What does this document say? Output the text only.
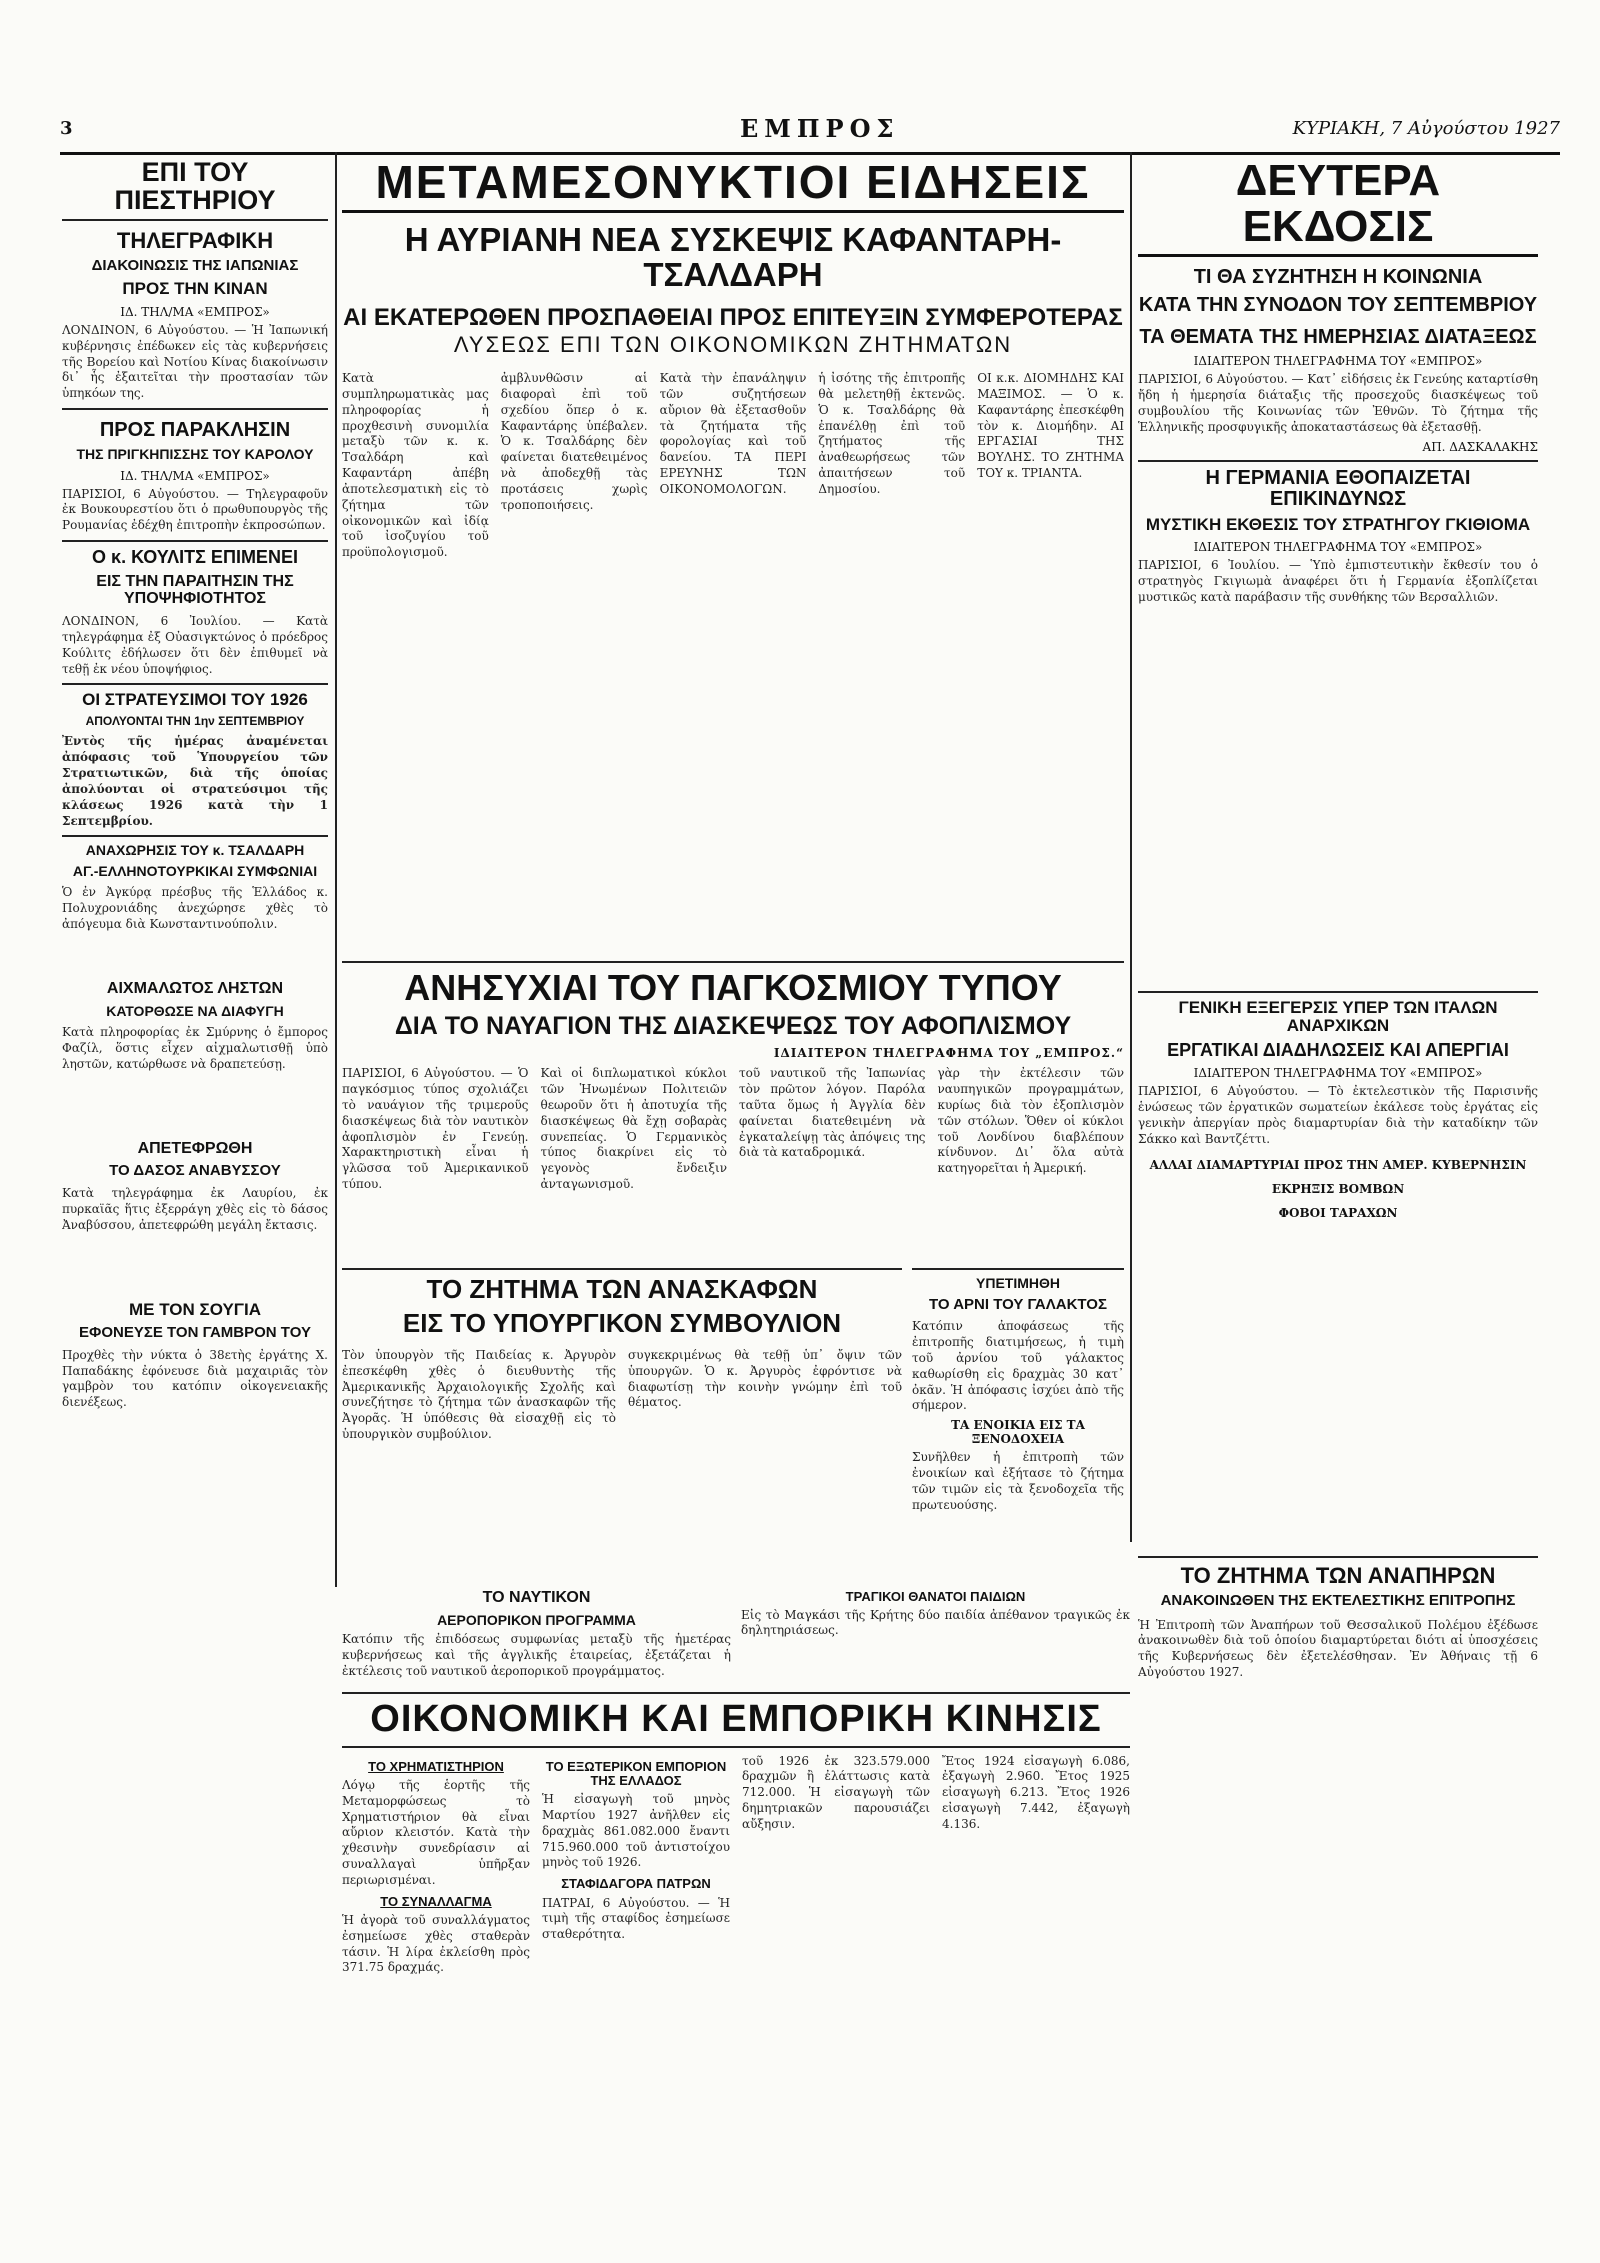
3	ΕΜΠΡΟΣ	ΚΥΡΙΑΚΗ, 7 Αὐγούστου 1927

ΕΠΙ ΤΟΥ ΠΙΕΣΤΗΡΙΟΥ

ΤΗΛΕΓΡΑΦΙΚΗ

ΔΙΑΚΟΙΝΩΣΙΣ ΤΗΣ ΙΑΠΩΝΙΑΣ

ΠΡΟΣ ΤΗΝ ΚΙΝΑΝ

ΙΔ. ΤΗΛ/ΜΑ «ΕΜΠΡΟΣ»

ΛΟΝΔΙΝΟΝ, 6 Αὐγούστου. — Ἡ Ἰαπωνική κυβέρνησις ἐπέδωκεν εἰς τὰς κυβερνήσεις τῆς Βορείου καὶ Νοτίου Κίνας διακοίνωσιν δι᾽ ἧς ἐξαιτεῖται τὴν προστασίαν τῶν ὑπηκόων της.

ΠΡΟΣ ΠΑΡΑΚΛΗΣΙΝ

ΤΗΣ ΠΡΙΓΚΗΠΙΣΣΗΣ ΤΟΥ ΚΑΡΟΛΟΥ

ΙΔ. ΤΗΛ/ΜΑ «ΕΜΠΡΟΣ»

ΠΑΡΙΣΙΟΙ, 6 Αὐγούστου. — Τηλεγραφοῦν ἐκ Βουκουρεστίου ὅτι ὁ πρωθυπουργὸς τῆς Ρουμανίας ἐδέχθη ἐπιτροπὴν ἐκπροσώπων.

Ο κ. ΚΟΥΛΙΤΣ ΕΠΙΜΕΝΕΙ

ΕΙΣ ΤΗΝ ΠΑΡΑΙΤΗΣΙΝ ΤΗΣ ΥΠΟΨΗΦΙΟΤΗΤΟΣ

ΛΟΝΔΙΝΟΝ, 6 Ἰουλίου. — Κατὰ τηλεγράφημα ἐξ Οὐασιγκτώνος ὁ πρόεδρος Κούλιτς ἐδήλωσεν ὅτι δὲν ἐπιθυμεῖ νὰ τεθῇ ἐκ νέου ὑποψήφιος.

ΟΙ ΣΤΡΑΤΕΥΣΙΜΟΙ ΤΟΥ 1926

ΑΠΟΛΥΟΝΤΑΙ ΤΗΝ 1ην ΣΕΠΤΕΜΒΡΙΟΥ

Ἐντὸς τῆς ἡμέρας ἀναμένεται ἀπόφασις τοῦ Ὑπουργείου τῶν Στρατιωτικῶν, διὰ τῆς ὁποίας ἀπολύονται οἱ στρατεύσιμοι τῆς κλάσεως 1926 κατὰ τὴν 1 Σεπτεμβρίου.

ΑΝΑΧΩΡΗΣΙΣ ΤΟΥ κ. ΤΣΑΛΔΑΡΗ

ΑΓ.-ΕΛΛΗΝΟΤΟΥΡΚΙΚΑΙ ΣΥΜΦΩΝΙΑΙ

Ὁ ἐν Ἀγκύρᾳ πρέσβυς τῆς Ἑλλάδος κ. Πολυχρονιάδης ἀνεχώρησε χθὲς τὸ ἀπόγευμα διὰ Κωνσταντινούπολιν.

ΑΙΧΜΑΛΩΤΟΣ ΛΗΣΤΩΝ

ΚΑΤΟΡΘΩΣΕ ΝΑ ΔΙΑΦΥΓΗ

Κατὰ πληροφορίας ἐκ Σμύρνης ὁ ἔμπορος Φαζίλ, ὅστις εἶχεν αἰχμαλωτισθῇ ὑπὸ ληστῶν, κατώρθωσε νὰ δραπετεύσῃ.

ΑΠΕΤΕΦΡΩΘΗ

ΤΟ ΔΑΣΟΣ ΑΝΑΒΥΣΣΟΥ

Κατὰ τηλεγράφημα ἐκ Λαυρίου, ἐκ πυρκαϊᾶς ἥτις ἐξερράγη χθὲς εἰς τὸ δάσος Ἀναβύσσου, ἀπετεφρώθη μεγάλη ἔκτασις.

ΜΕ ΤΟΝ ΣΟΥΓΙΑ

ΕΦΟΝΕΥΣΕ ΤΟΝ ΓΑΜΒΡΟΝ ΤΟΥ

Προχθὲς τὴν νύκτα ὁ 38ετὴς ἐργάτης Χ. Παπαδάκης ἐφόνευσε διὰ μαχαιριᾶς τὸν γαμβρὸν του κατόπιν οἰκογενειακῆς διενέξεως.

ΜΕΤΑΜΕΣΟΝΥΚΤΙΟΙ ΕΙΔΗΣΕΙΣ

Η ΑΥΡΙΑΝΗ ΝΕΑ ΣΥΣΚΕΨΙΣ ΚΑΦΑΝΤΑΡΗ-ΤΣΑΛΔΑΡΗ

ΑΙ ΕΚΑΤΕΡΩΘΕΝ ΠΡΟΣΠΑΘΕΙΑΙ ΠΡΟΣ ΕΠΙΤΕΥΞΙΝ ΣΥΜΦΕΡΟΤΕΡΑΣ

ΛΥΣΕΩΣ ΕΠΙ ΤΩΝ ΟΙΚΟΝΟΜΙΚΩΝ ΖΗΤΗΜΑΤΩΝ

Κατὰ συμπληρωματικὰς μας πληροφορίας ἡ προχθεσινὴ συνομιλία μεταξὺ τῶν κ. κ. Τσαλδάρη καὶ Καφαντάρη ἀπέβη ἀποτελεσματικὴ εἰς τὸ ζήτημα τῶν οἰκονομικῶν καὶ ἰδίᾳ τοῦ ἰσοζυγίου τοῦ προϋπολογισμοῦ.

ἀμβλυνθῶσιν αἱ διαφοραὶ ἐπὶ τοῦ σχεδίου ὅπερ ὁ κ. Καφαντάρης ὑπέβαλεν. Ὁ κ. Τσαλδάρης δὲν φαίνεται διατεθειμένος νὰ ἀποδεχθῇ τὰς προτάσεις χωρὶς τροποποιήσεις.

Κατὰ τὴν ἐπανάληψιν τῶν συζητήσεων αὔριον θὰ ἐξετασθοῦν τὰ ζητήματα τῆς φορολογίας καὶ τοῦ δανείου. ΤΑ ΠΕΡΙ ΕΡΕΥΝΗΣ ΤΩΝ ΟΙΚΟΝΟΜΟΛΟΓΩΝ.

ἡ ἰσότης τῆς ἐπιτροπῆς θὰ μελετηθῇ ἐκτενῶς. Ὁ κ. Τσαλδάρης θὰ ἐπανέλθῃ ἐπὶ τοῦ ζητήματος τῆς ἀναθεωρήσεως τῶν ἀπαιτήσεων τοῦ Δημοσίου.

ΟΙ κ.κ. ΔΙΟΜΗΔΗΣ ΚΑΙ ΜΑΞΙΜΟΣ. — Ὁ κ. Καφαντάρης ἐπεσκέφθη τὸν κ. Διομήδην. ΑΙ ΕΡΓΑΣΙΑΙ ΤΗΣ ΒΟΥΛΗΣ. ΤΟ ΖΗΤΗΜΑ ΤΟΥ κ. ΤΡΙΑΝΤΑ.

ΔΕΥΤΕΡΑ ΕΚΔΟΣΙΣ

ΤΙ ΘΑ ΣΥΖΗΤΗΣΗ Η ΚΟΙΝΩΝΙΑ

ΚΑΤΑ ΤΗΝ ΣΥΝΟΔΟΝ ΤΟΥ ΣΕΠΤΕΜΒΡΙΟΥ

ΤΑ ΘΕΜΑΤΑ ΤΗΣ ΗΜΕΡΗΣΙΑΣ ΔΙΑΤΑΞΕΩΣ

ΙΔΙΑΙΤΕΡΟΝ ΤΗΛΕΓΡΑΦΗΜΑ ΤΟΥ «ΕΜΠΡΟΣ»

ΠΑΡΙΣΙΟΙ, 6 Αὐγούστου. — Κατ᾽ εἰδήσεις ἐκ Γενεύης καταρτίσθη ἤδη ἡ ἡμερησία διάταξις τῆς προσεχοῦς διασκέψεως τοῦ συμβουλίου τῆς Κοινωνίας τῶν Ἐθνῶν. Τὸ ζήτημα τῆς Ἑλληνικῆς προσφυγικῆς ἀποκαταστάσεως θὰ ἐξετασθῇ.

ΑΠ. ΔΑΣΚΑΛΑΚΗΣ

Η ΓΕΡΜΑΝΙΑ ΕΘΟΠΑΙΖΕΤΑΙ ΕΠΙΚΙΝΔΥΝΩΣ

ΜΥΣΤΙΚΗ ΕΚΘΕΣΙΣ ΤΟΥ ΣΤΡΑΤΗΓΟΥ ΓΚΙΘΙΟΜΑ

ΙΔΙΑΙΤΕΡΟΝ ΤΗΛΕΓΡΑΦΗΜΑ ΤΟΥ «ΕΜΠΡΟΣ»

ΠΑΡΙΣΙΟΙ, 6 Ἰουλίου. — Ὑπὸ ἐμπιστευτικὴν ἔκθεσίν του ὁ στρατηγὸς Γκιγιωμὰ ἀναφέρει ὅτι ἡ Γερμανία ἐξοπλίζεται μυστικῶς κατὰ παράβασιν τῆς συνθήκης τῶν Βερσαλλιῶν.

ΓΕΝΙΚΗ ΕΞΕΓΕΡΣΙΣ ΥΠΕΡ ΤΩΝ ΙΤΑΛΩΝ ΑΝΑΡΧΙΚΩΝ

ΕΡΓΑΤΙΚΑΙ ΔΙΑΔΗΛΩΣΕΙΣ ΚΑΙ ΑΠΕΡΓΙΑΙ

ΙΔΙΑΙΤΕΡΟΝ ΤΗΛΕΓΡΑΦΗΜΑ ΤΟΥ «ΕΜΠΡΟΣ»

ΠΑΡΙΣΙΟΙ, 6 Αὐγούστου. — Τὸ ἐκτελεστικὸν τῆς Παρισινῆς ἑνώσεως τῶν ἐργατικῶν σωματείων ἐκάλεσε τοὺς ἐργάτας εἰς γενικὴν ἀπεργίαν πρὸς διαμαρτυρίαν διὰ τὴν καταδίκην τῶν Σάκκο καὶ Βαντζέττι.

ΑΛΛΑΙ ΔΙΑΜΑΡΤΥΡΙΑΙ ΠΡΟΣ ΤΗΝ ΑΜΕΡ. ΚΥΒΕΡΝΗΣΙΝ

ΕΚΡΗΞΙΣ ΒΟΜΒΩΝ

ΦΟΒΟΙ ΤΑΡΑΧΩΝ

ΑΝΗΣΥΧΙΑΙ ΤΟΥ ΠΑΓΚΟΣΜΙΟΥ ΤΥΠΟΥ

ΔΙΑ ΤΟ ΝΑΥΑΓΙΟΝ ΤΗΣ ΔΙΑΣΚΕΨΕΩΣ ΤΟΥ ΑΦΟΠΛΙΣΜΟΥ

ΙΔΙΑΙΤΕΡΟΝ ΤΗΛΕΓΡΑΦΗΜΑ ΤΟΥ „ΕΜΠΡΟΣ.“

ΠΑΡΙΣΙΟΙ, 6 Αὐγούστου. — Ὁ παγκόσμιος τύπος σχολιάζει τὸ ναυάγιον τῆς τριμεροῦς διασκέψεως διὰ τὸν ναυτικὸν ἀφοπλισμὸν ἐν Γενεύῃ. Χαρακτηριστικὴ εἶναι ἡ γλῶσσα τοῦ Ἀμερικανικοῦ τύπου.

Καὶ οἱ διπλωματικοὶ κύκλοι τῶν Ἡνωμένων Πολιτειῶν θεωροῦν ὅτι ἡ ἀποτυχία τῆς διασκέψεως θὰ ἔχῃ σοβαρὰς συνεπείας. Ὁ Γερμανικὸς τύπος διακρίνει εἰς τὸ γεγονὸς ἔνδειξιν ἀνταγωνισμοῦ.

τοῦ ναυτικοῦ τῆς Ἰαπωνίας τὸν πρῶτον λόγον. Παρόλα ταῦτα ὅμως ἡ Ἀγγλία δὲν φαίνεται διατεθειμένη νὰ ἐγκαταλείψῃ τὰς ἀπόψεις της διὰ τὰ καταδρομικά.

γὰρ τὴν ἐκτέλεσιν τῶν ναυπηγικῶν προγραμμάτων, κυρίως διὰ τὸν ἐξοπλισμὸν τῶν στόλων. Ὅθεν οἱ κύκλοι τοῦ Λονδίνου διαβλέπουν κίνδυνον. Δι᾽ ὅλα αὐτὰ κατηγορεῖται ἡ Ἀμερική.

ΤΟ ΖΗΤΗΜΑ ΤΩΝ ΑΝΑΣΚΑΦΩΝ

ΕΙΣ ΤΟ ΥΠΟΥΡΓΙΚΟΝ ΣΥΜΒΟΥΛΙΟΝ

Τὸν ὑπουργὸν τῆς Παιδείας κ. Ἀργυρὸν ἐπεσκέφθη χθὲς ὁ διευθυντὴς τῆς Ἀμερικανικῆς Ἀρχαιολογικῆς Σχολῆς καὶ συνεζήτησε τὸ ζήτημα τῶν ἀνασκαφῶν τῆς Ἀγορᾶς. Ἡ ὑπόθεσις θὰ εἰσαχθῇ εἰς τὸ ὑπουργικὸν συμβούλιον.

συγκεκριμένως θὰ τεθῇ ὑπ᾽ ὄψιν τῶν ὑπουργῶν. Ὁ κ. Ἀργυρὸς ἐφρόντισε νὰ διαφωτίσῃ τὴν κοινὴν γνώμην ἐπὶ τοῦ θέματος.

ΥΠΕΤΙΜΗΘΗ

ΤΟ ΑΡΝΙ ΤΟΥ ΓΑΛΑΚΤΟΣ

Κατόπιν ἀποφάσεως τῆς ἐπιτροπῆς διατιμήσεως, ἡ τιμὴ τοῦ ἀρνίου τοῦ γάλακτος καθωρίσθη εἰς δραχμὰς 30 κατ᾽ ὀκᾶν. Ἡ ἀπόφασις ἰσχύει ἀπὸ τῆς σήμερον.

ΤΑ ΕΝΟΙΚΙΑ ΕΙΣ ΤΑ ΞΕΝΟΔΟΧΕΙΑ

Συνῆλθεν ἡ ἐπιτροπὴ τῶν ἐνοικίων καὶ ἐξήτασε τὸ ζήτημα τῶν τιμῶν εἰς τὰ ξενοδοχεῖα τῆς πρωτευούσης.

ΤΟ ΖΗΤΗΜΑ ΤΩΝ ΑΝΑΠΗΡΩΝ

ΑΝΑΚΟΙΝΩΘΕΝ ΤΗΣ ΕΚΤΕΛΕΣΤΙΚΗΣ ΕΠΙΤΡΟΠΗΣ

Ἡ Ἐπιτροπὴ τῶν Ἀναπήρων τοῦ Θεσσαλικοῦ Πολέμου ἐξέδωσε ἀνακοινωθὲν διὰ τοῦ ὁποίου διαμαρτύρεται διότι αἱ ὑποσχέσεις τῆς Κυβερνήσεως δὲν ἐξετελέσθησαν. Ἐν Ἀθήναις τῇ 6 Αὐγούστου 1927.

ΤΟ ΝΑΥΤΙΚΟΝ

ΑΕΡΟΠΟΡΙΚΟΝ ΠΡΟΓΡΑΜΜΑ

Κατόπιν τῆς ἐπιδόσεως συμφωνίας μεταξὺ τῆς ἡμετέρας κυβερνήσεως καὶ τῆς ἀγγλικῆς ἑταιρείας, ἐξετάζεται ἡ ἐκτέλεσις τοῦ ναυτικοῦ ἀεροπορικοῦ προγράμματος.

ΤΡΑΓΙΚΟΙ ΘΑΝΑΤΟΙ ΠΑΙΔΙΩΝ

Εἰς τὸ Μαγκάσι τῆς Κρήτης δύο παιδία ἀπέθανον τραγικῶς ἐκ δηλητηριάσεως.

ΟΙΚΟΝΟΜΙΚΗ ΚΑΙ ΕΜΠΟΡΙΚΗ ΚΙΝΗΣΙΣ

ΤΟ ΧΡΗΜΑΤΙΣΤΗΡΙΟΝ

Λόγῳ τῆς ἑορτῆς τῆς Μεταμορφώσεως τὸ Χρηματιστήριον θὰ εἶναι αὔριον κλειστόν. Κατὰ τὴν χθεσινὴν συνεδρίασιν αἱ συναλλαγαὶ ὑπῆρξαν περιωρισμέναι.

ΤΟ ΣΥΝΑΛΛΑΓΜΑ

Ἡ ἀγορὰ τοῦ συναλλάγματος ἐσημείωσε χθὲς σταθερὰν τάσιν. Ἡ λίρα ἐκλείσθη πρὸς 371.75 δραχμάς.

ΤΟ ΕΞΩΤΕΡΙΚΟΝ ΕΜΠΟΡΙΟΝ ΤΗΣ ΕΛΛΑΔΟΣ

Ἡ εἰσαγωγὴ τοῦ μηνὸς Μαρτίου 1927 ἀνῆλθεν εἰς δραχμὰς 861.082.000 ἔναντι 715.960.000 τοῦ ἀντιστοίχου μηνὸς τοῦ 1926.

ΣΤΑΦΙΔΑΓΟΡΑ ΠΑΤΡΩΝ

ΠΑΤΡΑΙ, 6 Αὐγούστου. — Ἡ τιμὴ τῆς σταφίδος ἐσημείωσε σταθερότητα.

τοῦ 1926 ἐκ 323.579.000 δραχμῶν ἢ ἐλάττωσις κατὰ 712.000. Ἡ εἰσαγωγὴ τῶν δημητριακῶν παρουσιάζει αὔξησιν.

Ἔτος 1924 εἰσαγωγὴ 6.086, ἐξαγωγὴ 2.960. Ἔτος 1925 εἰσαγωγὴ 6.213. Ἔτος 1926 εἰσαγωγὴ 7.442, ἐξαγωγὴ 4.136.
